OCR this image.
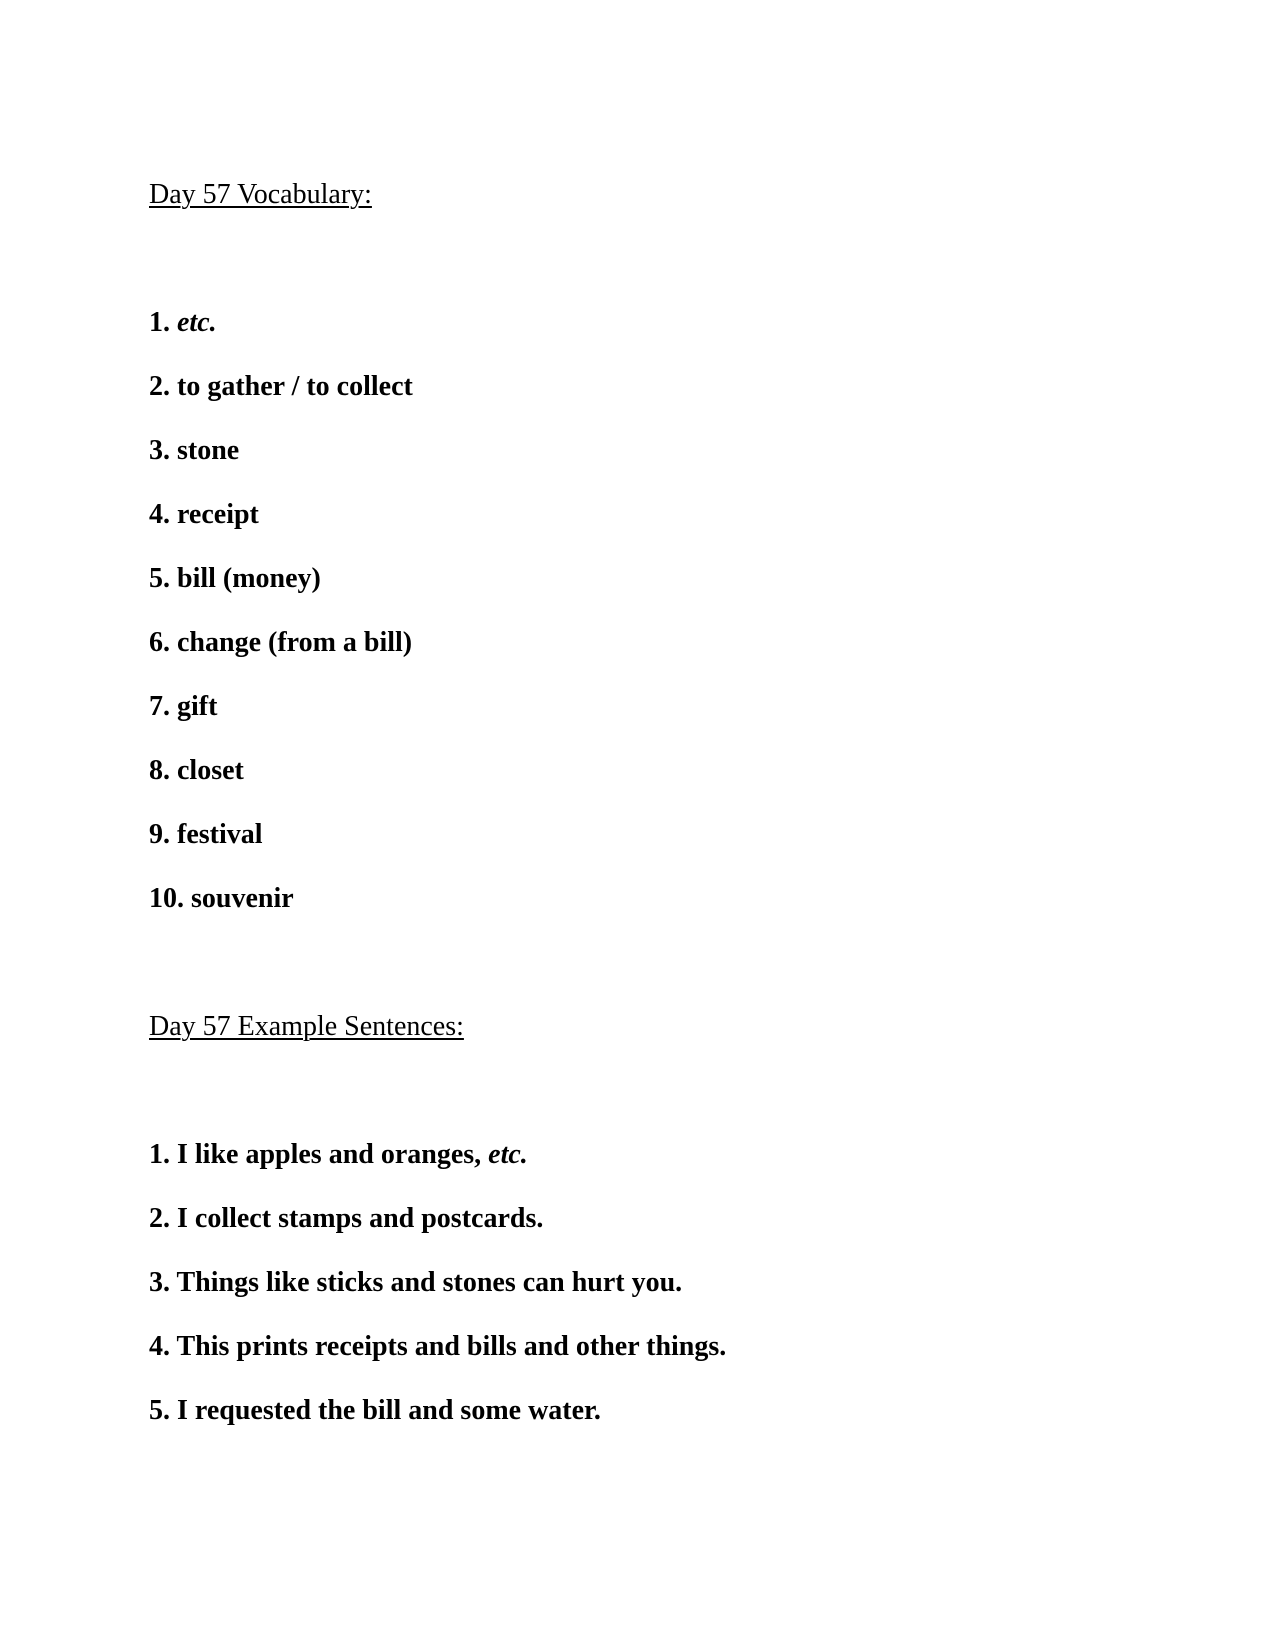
Day 57 Vocabulary:

1. etc.

2. to gather / to collect

3. stone

4. receipt

5. bill (money)

6. change (from a bill)

7. gift

8. closet

9. festival

10. souvenir

Day 57 Example Sentences:

1. I like apples and oranges, etc.

2. I collect stamps and postcards.

3. Things like sticks and stones can hurt you.

4. This prints receipts and bills and other things.

5. I requested the bill and some water.
